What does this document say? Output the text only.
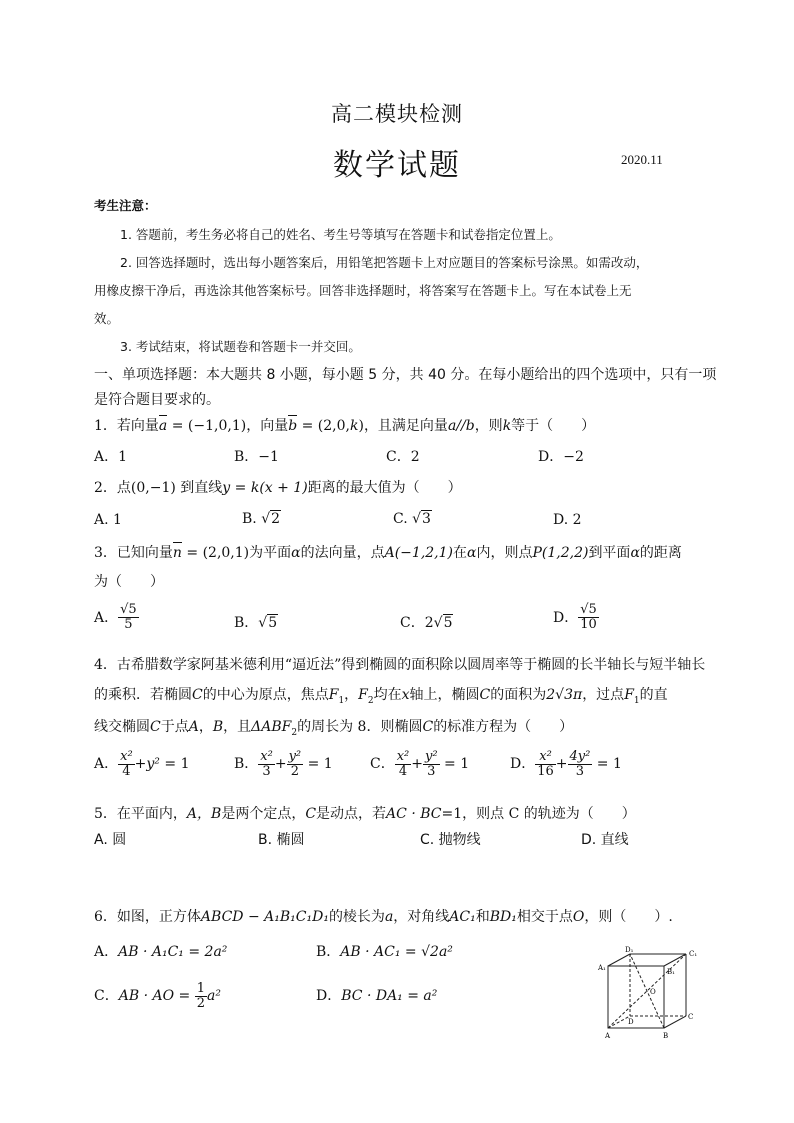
高二模块检测
数学试题	2020.11
考生注意：
1. 答题前，考生务必将自己的姓名、考生号等填写在答题卡和试卷指定位置上。
2. 回答选择题时，选出每小题答案后，用铅笔把答题卡上对应题目的答案标号涂黑。如需改动，
用橡皮擦干净后，再选涂其他答案标号。回答非选择题时，将答案写在答题卡上。写在本试卷上无
效。
3. 考试结束，将试题卷和答题卡一并交回。
一、单项选择题：本大题共 8 小题，每小题 5 分，共 40 分。在每小题给出的四个选项中，只有一项
是符合题目要求的。
1．若向量a = (−1,0,1)，向量b = (2,0,k)，且满足向量a//b，则k等于（　　）
A．1	B．−1	C．2	D．−2
2．点(0,−1) 到直线y = k(x + 1)距离的最大值为（　　）
A. 1	B. √2	C. √3	D. 2
3．已知向量n = (2,0,1)为平面α的法向量，点A(−1,2,1)在α内，则点P(1,2,2)到平面α的距离
为（　　）
A． $\frac{√5}{5}$	B．√5	C．2√5	D． $\frac{√5}{10}$
4．古希腊数学家阿基米德利用“逼近法”得到椭圆的面积除以圆周率等于椭圆的长半轴长与短半轴长
的乘积．若椭圆C的中心为原点，焦点$F_1$，$F_2$均在x轴上，椭圆C的面积为2√3π，过点$F_1$的直
线交椭圆C于点A，B，且$\Delta ABF_2$的周长为 8．则椭圆C的标准方程为（　　）
A． $\frac{\text{x²}}{4} +y^2 = 1$	B． $\frac{\text{x²}}{3} + \frac{\text{y²}}{2} = 1$	C． $\frac{\text{x²}}{4} + \frac{\text{y²}}{3} = 1$	D． $\frac{\text{x²}}{16} + \frac{\text{4y²}}{3} = 1$
5．在平面内，A，B是两个定点，C是动点，若AC · BC=1，则点 C 的轨迹为（　　）
A. 圆	B. 椭圆	C. 抛物线	D. 直线
6．如图，正方体ABCD − A₁B₁C₁D₁的棱长为a，对角线AC₁和BD₁相交于点O，则（　　）.
A．AB · A₁C₁ = 2a²	B．AB · AC₁ = √2a²
C．AB · AO = $\frac{1}{2} a^2$	D．BC · DA₁ = a²
D₁	C₁
A₁	B₁
O
D
C
A	B
